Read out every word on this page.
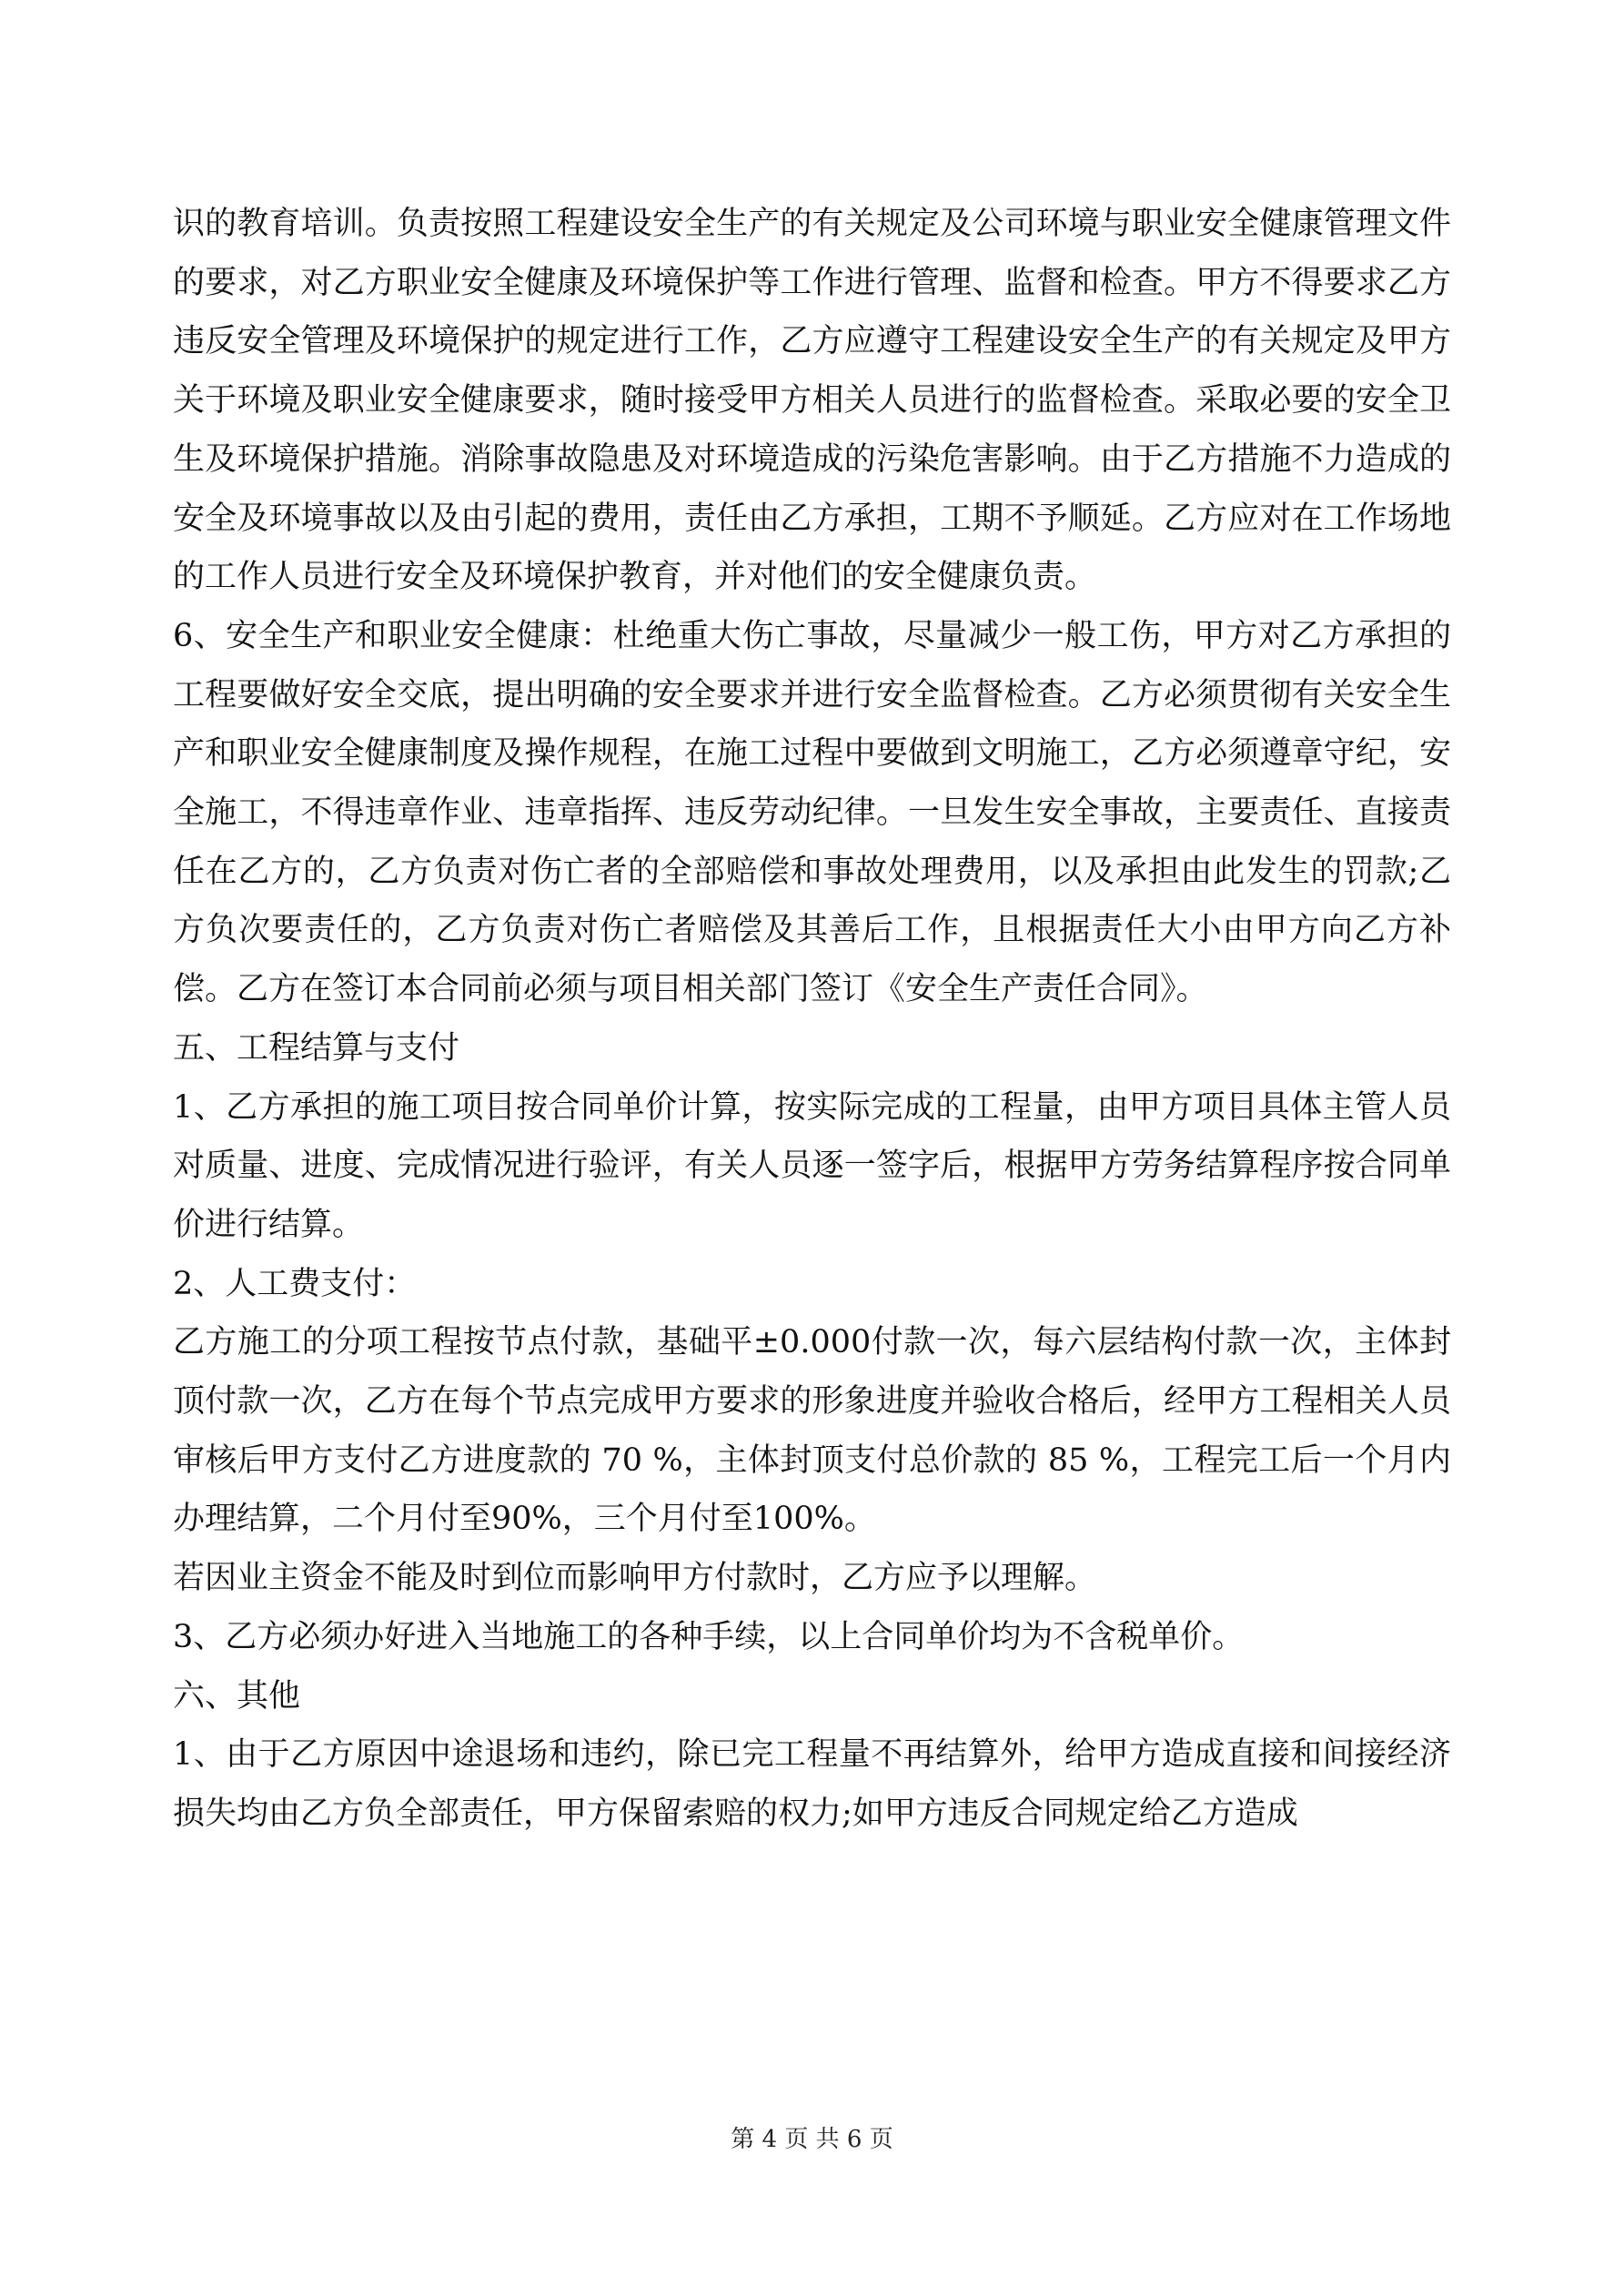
识的教育培训。负责按照工程建设安全生产的有关规定及公司环境与职业安全健康管理文件的要求，对乙方职业安全健康及环境保护等工作进行管理、监督和检查。甲方不得要求乙方违反安全管理及环境保护的规定进行工作，乙方应遵守工程建设安全生产的有关规定及甲方关于环境及职业安全健康要求，随时接受甲方相关人员进行的监督检查。采取必要的安全卫生及环境保护措施。消除事故隐患及对环境造成的污染危害影响。由于乙方措施不力造成的安全及环境事故以及由引起的费用，责任由乙方承担，工期不予顺延。乙方应对在工作场地的工作人员进行安全及环境保护教育，并对他们的安全健康负责。

6、安全生产和职业安全健康：杜绝重大伤亡事故，尽量减少一般工伤，甲方对乙方承担的工程要做好安全交底，提出明确的安全要求并进行安全监督检查。乙方必须贯彻有关安全生产和职业安全健康制度及操作规程，在施工过程中要做到文明施工，乙方必须遵章守纪，安全施工，不得违章作业、违章指挥、违反劳动纪律。一旦发生安全事故，主要责任、直接责任在乙方的，乙方负责对伤亡者的全部赔偿和事故处理费用，以及承担由此发生的罚款;乙方负次要责任的，乙方负责对伤亡者赔偿及其善后工作，且根据责任大小由甲方向乙方补偿。乙方在签订本合同前必须与项目相关部门签订《安全生产责任合同》。

五、工程结算与支付

1、乙方承担的施工项目按合同单价计算，按实际完成的工程量，由甲方项目具体主管人员对质量、进度、完成情况进行验评，有关人员逐一签字后，根据甲方劳务结算程序按合同单价进行结算。

2、人工费支付：

乙方施工的分项工程按节点付款，基础平±0.000付款一次，每六层结构付款一次，主体封顶付款一次，乙方在每个节点完成甲方要求的形象进度并验收合格后，经甲方工程相关人员审核后甲方支付乙方进度款的 70 %，主体封顶支付总价款的 85 %，工程完工后一个月内办理结算，二个月付至90%，三个月付至100%。

若因业主资金不能及时到位而影响甲方付款时，乙方应予以理解。

3、乙方必须办好进入当地施工的各种手续，以上合同单价均为不含税单价。

六、其他

1、由于乙方原因中途退场和违约，除已完工程量不再结算外，给甲方造成直接和间接经济损失均由乙方负全部责任，甲方保留索赔的权力;如甲方违反合同规定给乙方造成

第 4 页 共 6 页
